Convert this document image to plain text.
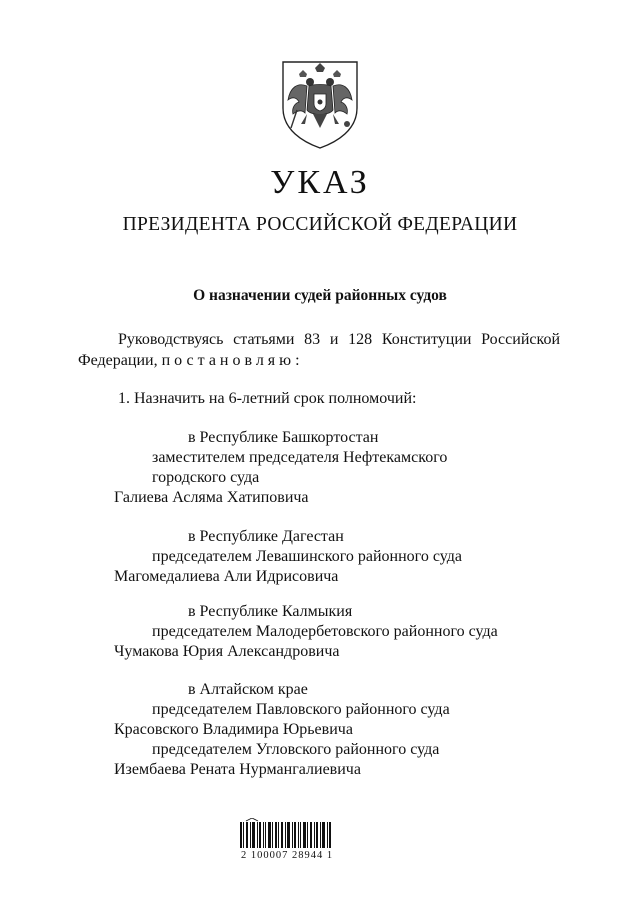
УКАЗ
ПРЕЗИДЕНТА РОССИЙСКОЙ ФЕДЕРАЦИИ
О назначении судей районных судов
Руководствуясь статьями 83 и 128 Конституции Российской
Федерации, постановляю:
1. Назначить на 6-летний срок полномочий:
в Республике Башкортостан
заместителем председателя Нефтекамского
городского суда
Галиева Асляма Хатиповича
в Республике Дагестан
председателем Левашинского районного суда
Магомедалиева Али Идрисовича
в Республике Калмыкия
председателем Малодербетовского районного суда
Чумакова Юрия Александровича
в Алтайском крае
председателем Павловского районного суда
Красовского Владимира Юрьевича
председателем Угловского районного суда
Изембаева Рената Нурмангалиевича
2 100007 28944 1
